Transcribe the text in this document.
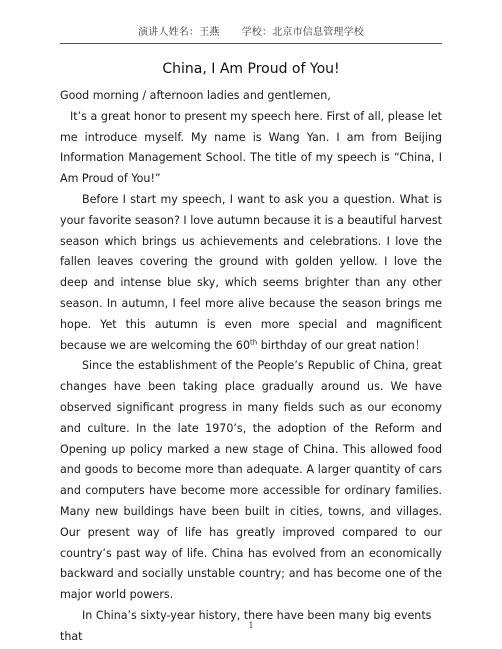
演讲人姓名：王燕 学校：北京市信息管理学校
China, I Am Proud of You!

Good morning / afternoon ladies and gentlemen,

It’s a great honor to present my speech here. First of all, please let me introduce myself. My name is Wang Yan. I am from Beijing Information Management School. The title of my speech is “China, I Am Proud of You!”

Before I start my speech, I want to ask you a question. What is your favorite season? I love autumn because it is a beautiful harvest season which brings us achievements and celebrations. I love the fallen leaves covering the ground with golden yellow. I love the deep and intense blue sky, which seems brighter than any other season. In autumn, I feel more alive because the season brings me hope. Yet this autumn is even more special and magnificent because we are welcoming the 60th birthday of our great nation！

Since the establishment of the People’s Republic of China, great changes have been taking place gradually around us. We have observed significant progress in many fields such as our economy and culture. In the late 1970’s, the adoption of the Reform and Opening up policy marked a new stage of China. This allowed food and goods to become more than adequate. A larger quantity of cars and computers have become more accessible for ordinary families. Many new buildings have been built in cities, towns, and villages. Our present way of life has greatly improved compared to our country’s past way of life. China has evolved from an economically backward and socially unstable country; and has become one of the major world powers.

In China’s sixty-year history, there have been many big events that

1
